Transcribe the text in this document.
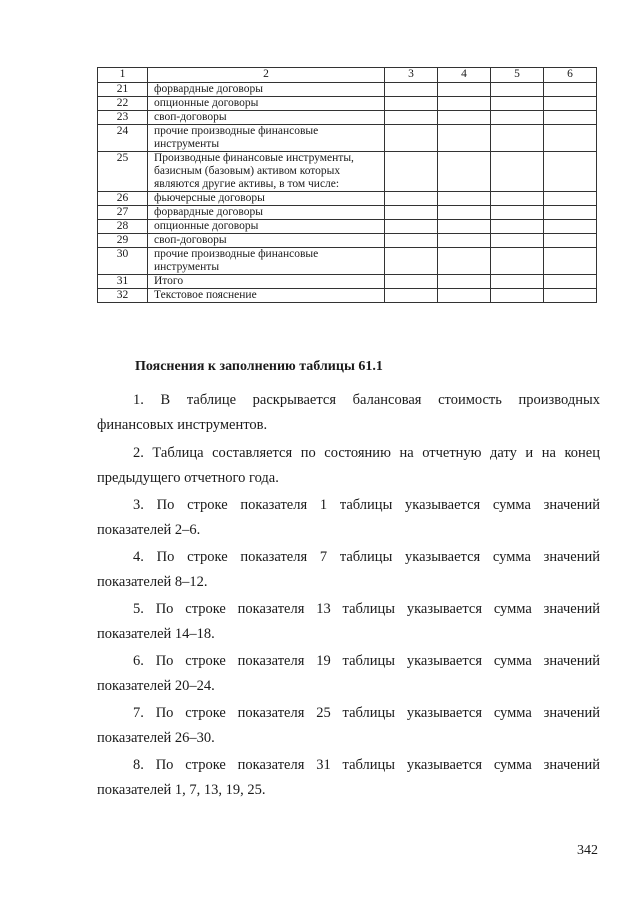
1	2	3	4	5	6
21	форвардные договоры				
22	опционные договоры				
23	своп-договоры				
24	прочие производные финансовые инструменты				
25	Производные финансовые инструменты, базисным (базовым) активом которых являются другие активы, в том числе:				
26	фьючерсные договоры				
27	форвардные договоры				
28	опционные договоры				
29	своп-договоры				
30	прочие производные финансовые инструменты				
31	Итого				
32	Текстовое пояснение				
Пояснения к заполнению таблицы 61.1
1. В таблице раскрывается балансовая стоимость производных
финансовых инструментов.
2. Таблица составляется по состоянию на отчетную дату и на конец
предыдущего отчетного года.
3. По строке показателя 1 таблицы указывается сумма значений
показателей 2–6.
4. По строке показателя 7 таблицы указывается сумма значений
показателей 8–12.
5. По строке показателя 13 таблицы указывается сумма значений
показателей 14–18.
6. По строке показателя 19 таблицы указывается сумма значений
показателей 20–24.
7. По строке показателя 25 таблицы указывается сумма значений
показателей 26–30.
8. По строке показателя 31 таблицы указывается сумма значений
показателей 1, 7, 13, 19, 25.
342
